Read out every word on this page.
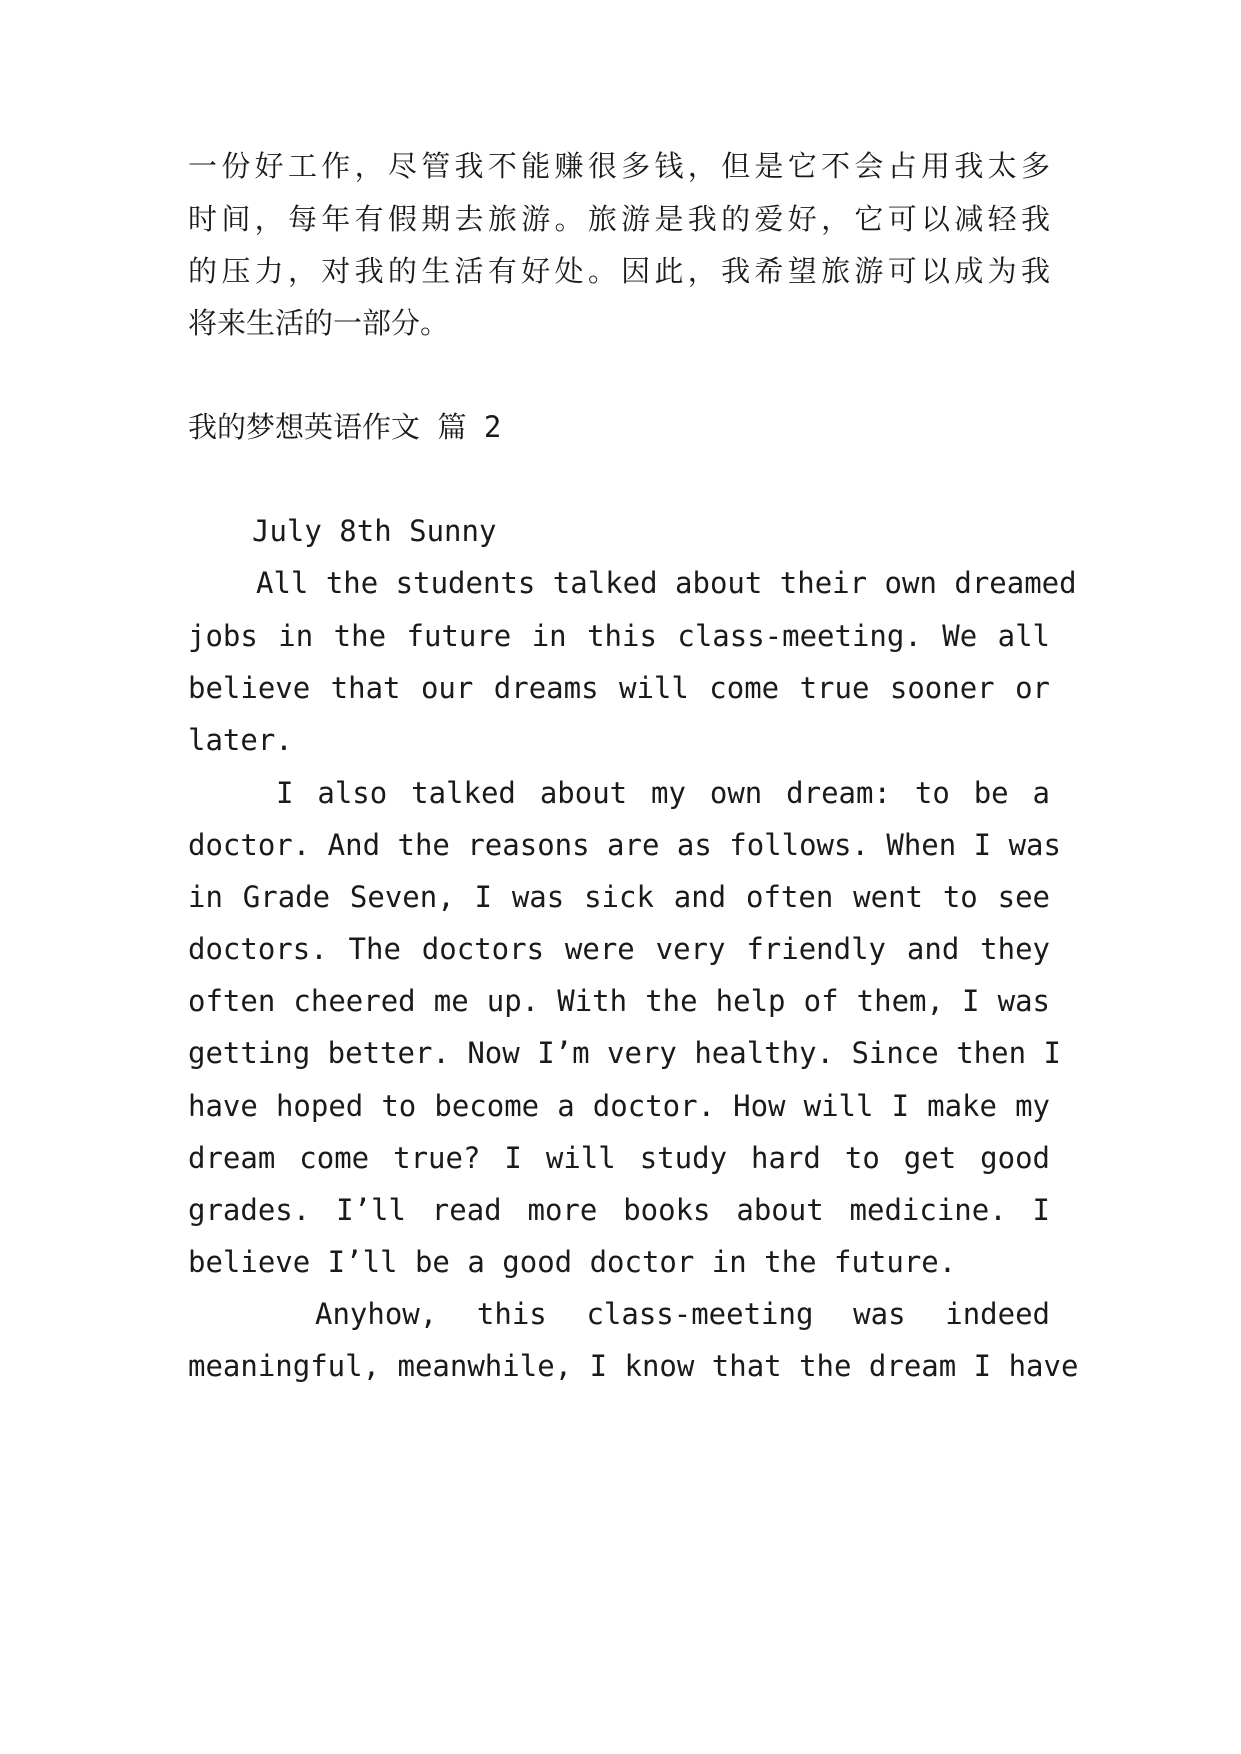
一份好工作，尽管我不能赚很多钱，但是它不会占用我太多
时间，每年有假期去旅游。旅游是我的爱好，它可以减轻我
的压力，对我的生活有好处。因此，我希望旅游可以成为我
将来生活的一部分。
我的梦想英语作文 篇 2
July 8th Sunny
All the students talked about their own dreamed
jobs in the future in this class-meeting. We all
believe that our dreams will come true sooner or
later.
I also talked about my own dream: to be a
doctor. And the reasons are as follows. When I was
in Grade Seven, I was sick and often went to see
doctors. The doctors were very friendly and they
often cheered me up. With the help of them, I was
getting better. Now I’m very healthy. Since then I
have hoped to become a doctor. How will I make my
dream come true? I will study hard to get good
grades. I’ll read more books about medicine. I
believe I’ll be a good doctor in the future.
Anyhow, this class-meeting was indeed
meaningful, meanwhile, I know that the dream I have
